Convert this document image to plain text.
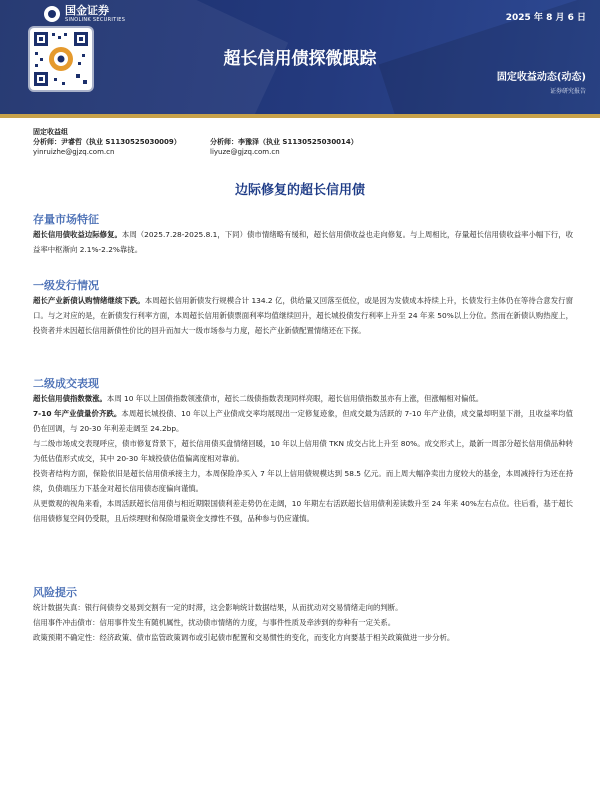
国金证券
SINOLINK SECURITIES	2025 年 8 月 6 日
超长信用债探微跟踪
固定收益动态(动态)
证券研究报告
固定收益组
分析师：尹睿哲（执业 S1130525030009）	分析师：李豫泽（执业 S1130525030014）
yinruizhe@gjzq.com.cn	liyuze@gjzq.com.cn
边际修复的超长信用债
存量市场特征

超长信用债收益边际修复。本周（2025.7.28-2025.8.1，下同）债市情绪略有缓和，超长信用债收益也走向修复。与上周相比，存量超长信用债收益率小幅下行，收益率中枢渐向 2.1%-2.2%靠拢。

一级发行情况

超长产业新债认购情绪继续下跌。本周超长信用新债发行规模合计 134.2 亿，供给量又回落至低位，或是因为发债成本持续上升，长债发行主体仍在等待合意发行窗口。与之对应的是，在新债发行利率方面，本周超长信用新债票面利率均值继续回升，超长城投债发行利率上升至 24 年来 50%以上分位。然而在新债认购热度上，投资者并未因超长信用新债性价比的回升而加大一级市场参与力度，超长产业新债配置情绪还在下探。

二级成交表现

超长信用债指数微涨。本周 10 年以上国债指数领涨债市，超长二级债指数表现同样亮眼，超长信用债指数虽亦有上涨，但涨幅相对偏低。

7-10 年产业债量价齐跌。本周超长城投债、10 年以上产业债成交率均展现出一定修复迹象，但成交最为活跃的 7-10 年产业债，成交量却明显下滑，且收益率均值仍在回调，与 20-30 年利差走阔至 24.2bp。

与二级市场成交表现呼应，债市修复背景下，超长信用债买盘情绪回暖，10 年以上信用债 TKN 成交占比上升至 80%。成交形式上，最新一周部分超长信用债品种转为低估值形式成交，其中 20-30 年城投债估值偏离度相对靠前。

投资者结构方面，保险依旧是超长信用债承接主力，本周保险净买入 7 年以上信用债规模达到 58.5 亿元。而上周大幅净卖出力度较大的基金，本周减持行为还在持续，负债端压力下基金对超长信用债态度偏向谨慎。

从更微观的视角来看，本周活跃超长信用债与相近期限国债利差走势仍在走阔，10 年期左右活跃超长信用债利差读数升至 24 年来 40%左右点位。往后看，基于超长信用债修复空间仍受限，且后续理财和保险增量资金支撑性不强，品种参与仍应谨慎。

风险提示

统计数据失真：银行间债券交易到交割有一定的时滞，这会影响统计数据结果，从而扰动对交易情绪走向的判断。

信用事件冲击债市：信用事件发生有随机属性，扰动债市情绪的力度，与事件性质及牵涉到的券种有一定关系。

政策预期不确定性：经济政策、债市监管政策调布或引起债市配置和交易惯性的变化，而变化方向要基于相关政策做进一步分析。
